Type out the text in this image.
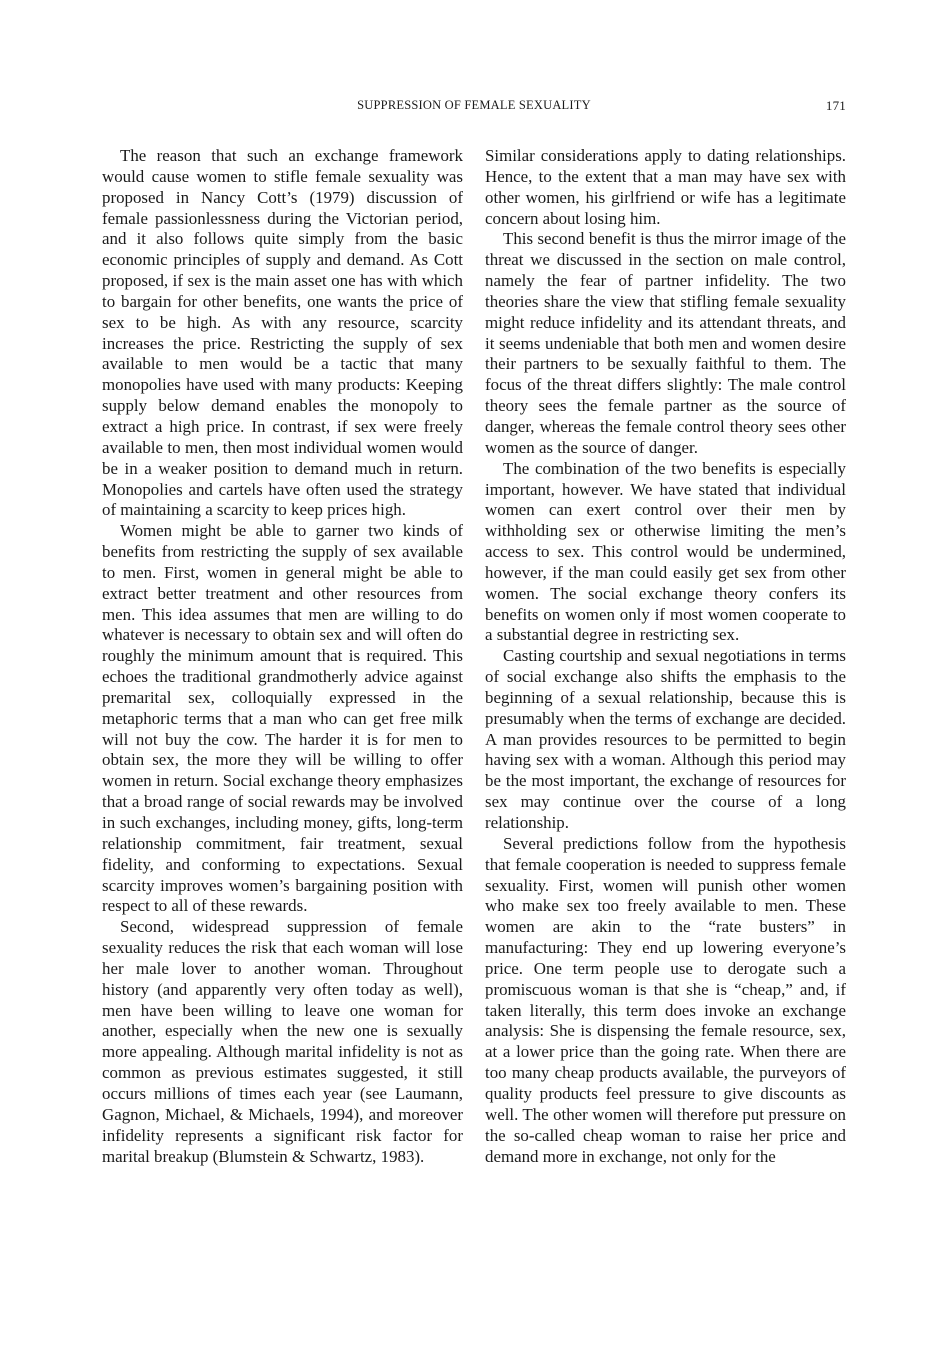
SUPPRESSION OF FEMALE SEXUALITY	171

The reason that such an exchange framework would cause women to stifle female sexuality was proposed in Nancy Cott’s (1979) discussion of female passionlessness during the Victorian period, and it also follows quite simply from the basic economic principles of supply and demand. As Cott proposed, if sex is the main asset one has with which to bargain for other benefits, one wants the price of sex to be high. As with any resource, scarcity increases the price. Restricting the supply of sex available to men would be a tactic that many monopolies have used with many products: Keeping supply below demand enables the monopoly to extract a high price. In contrast, if sex were freely available to men, then most individual women would be in a weaker position to demand much in return. Monopolies and cartels have often used the strategy of maintaining a scarcity to keep prices high.

Women might be able to garner two kinds of benefits from restricting the supply of sex available to men. First, women in general might be able to extract better treatment and other resources from men. This idea assumes that men are willing to do whatever is necessary to obtain sex and will often do roughly the minimum amount that is required. This echoes the traditional grandmotherly advice against premarital sex, colloquially expressed in the metaphoric terms that a man who can get free milk will not buy the cow. The harder it is for men to obtain sex, the more they will be willing to offer women in return. Social exchange theory emphasizes that a broad range of social rewards may be involved in such exchanges, including money, gifts, long-term relationship commitment, fair treatment, sexual fidelity, and conforming to expectations. Sexual scarcity improves women’s bargaining position with respect to all of these rewards.

Second, widespread suppression of female sexuality reduces the risk that each woman will lose her male lover to another woman. Throughout history (and apparently very often today as well), men have been willing to leave one woman for another, especially when the new one is sexually more appealing. Although marital infidelity is not as common as previous estimates suggested, it still occurs millions of times each year (see Laumann, Gagnon, Michael, & Michaels, 1994), and moreover infidelity represents a significant risk factor for marital breakup (Blumstein & Schwartz, 1983).

Similar considerations apply to dating relationships. Hence, to the extent that a man may have sex with other women, his girlfriend or wife has a legitimate concern about losing him.

This second benefit is thus the mirror image of the threat we discussed in the section on male control, namely the fear of partner infidelity. The two theories share the view that stifling female sexuality might reduce infidelity and its attendant threats, and it seems undeniable that both men and women desire their partners to be sexually faithful to them. The focus of the threat differs slightly: The male control theory sees the female partner as the source of danger, whereas the female control theory sees other women as the source of danger.

The combination of the two benefits is especially important, however. We have stated that individual women can exert control over their men by withholding sex or otherwise limiting the men’s access to sex. This control would be undermined, however, if the man could easily get sex from other women. The social exchange theory confers its benefits on women only if most women cooperate to a substantial degree in restricting sex.

Casting courtship and sexual negotiations in terms of social exchange also shifts the emphasis to the beginning of a sexual relationship, because this is presumably when the terms of exchange are decided. A man provides resources to be permitted to begin having sex with a woman. Although this period may be the most important, the exchange of resources for sex may continue over the course of a long relationship.

Several predictions follow from the hypothesis that female cooperation is needed to suppress female sexuality. First, women will punish other women who make sex too freely available to men. These women are akin to the “rate busters” in manufacturing: They end up lowering everyone’s price. One term people use to derogate such a promiscuous woman is that she is “cheap,” and, if taken literally, this term does invoke an exchange analysis: She is dispensing the female resource, sex, at a lower price than the going rate. When there are too many cheap products available, the purveyors of quality products feel pressure to give discounts as well. The other women will therefore put pressure on the so-called cheap woman to raise her price and demand more in exchange, not only for the
